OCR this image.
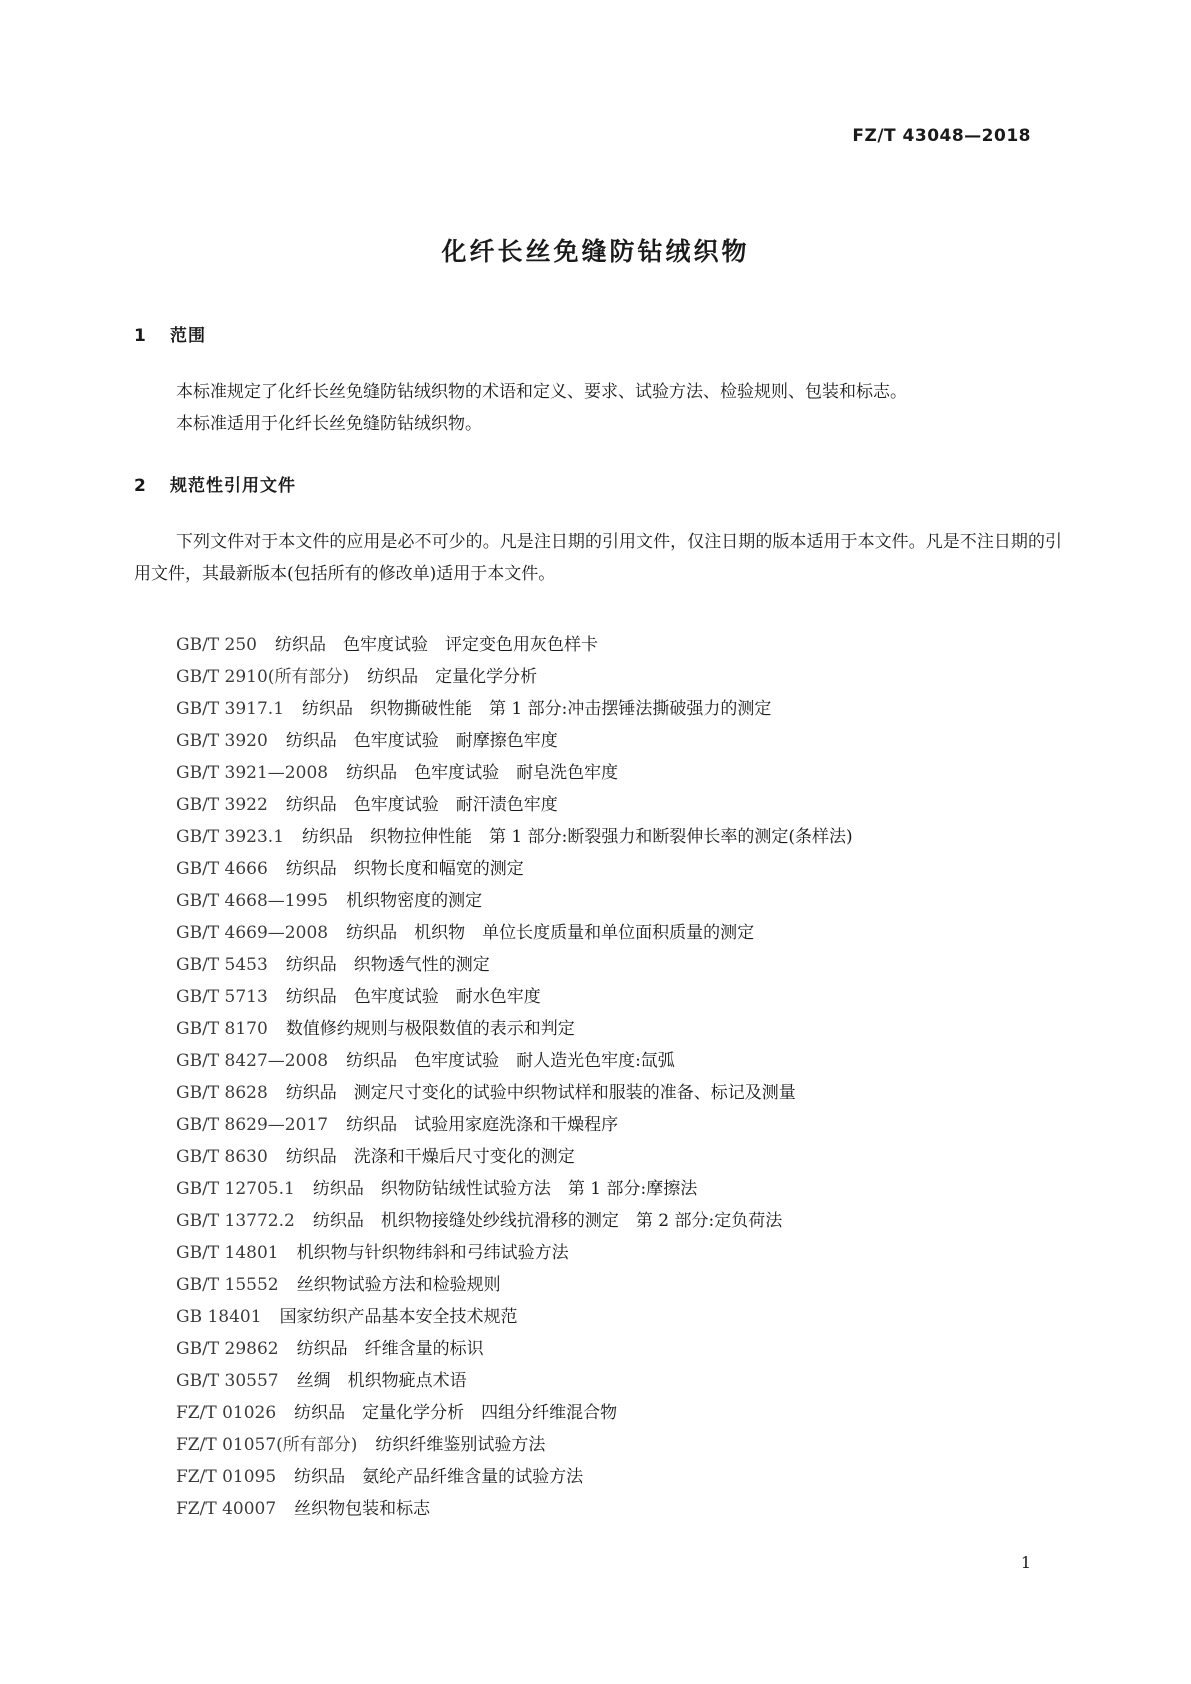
FZ/T 43048—2018
化纤长丝免缝防钻绒织物
1 范围

本标准规定了化纤长丝免缝防钻绒织物的术语和定义、要求、试验方法、检验规则、包装和标志。

本标准适用于化纤长丝免缝防钻绒织物。

2 规范性引用文件

下列文件对于本文件的应用是必不可少的。凡是注日期的引用文件，仅注日期的版本适用于本文件。凡是不注日期的引用文件，其最新版本(包括所有的修改单)适用于本文件。

GB/T 250 纺织品　色牢度试验　评定变色用灰色样卡
GB/T 2910(所有部分) 纺织品　定量化学分析
GB/T 3917.1 纺织品　织物撕破性能　第 1 部分:冲击摆锤法撕破强力的测定
GB/T 3920 纺织品　色牢度试验　耐摩擦色牢度
GB/T 3921—2008 纺织品　色牢度试验　耐皂洗色牢度
GB/T 3922 纺织品　色牢度试验　耐汗渍色牢度
GB/T 3923.1 纺织品　织物拉伸性能　第 1 部分:断裂强力和断裂伸长率的测定(条样法)
GB/T 4666 纺织品　织物长度和幅宽的测定
GB/T 4668—1995 机织物密度的测定
GB/T 4669—2008 纺织品　机织物　单位长度质量和单位面积质量的测定
GB/T 5453 纺织品　织物透气性的测定
GB/T 5713 纺织品　色牢度试验　耐水色牢度
GB/T 8170 数值修约规则与极限数值的表示和判定
GB/T 8427—2008 纺织品　色牢度试验　耐人造光色牢度:氙弧
GB/T 8628 纺织品　测定尺寸变化的试验中织物试样和服装的准备、标记及测量
GB/T 8629—2017 纺织品　试验用家庭洗涤和干燥程序
GB/T 8630 纺织品　洗涤和干燥后尺寸变化的测定
GB/T 12705.1 纺织品　织物防钻绒性试验方法　第 1 部分:摩擦法
GB/T 13772.2 纺织品　机织物接缝处纱线抗滑移的测定　第 2 部分:定负荷法
GB/T 14801 机织物与针织物纬斜和弓纬试验方法
GB/T 15552 丝织物试验方法和检验规则
GB 18401 国家纺织产品基本安全技术规范
GB/T 29862 纺织品　纤维含量的标识
GB/T 30557 丝绸　机织物疵点术语
FZ/T 01026 纺织品　定量化学分析　四组分纤维混合物
FZ/T 01057(所有部分) 纺织纤维鉴别试验方法
FZ/T 01095 纺织品　氨纶产品纤维含量的试验方法
FZ/T 40007 丝织物包装和标志
1
